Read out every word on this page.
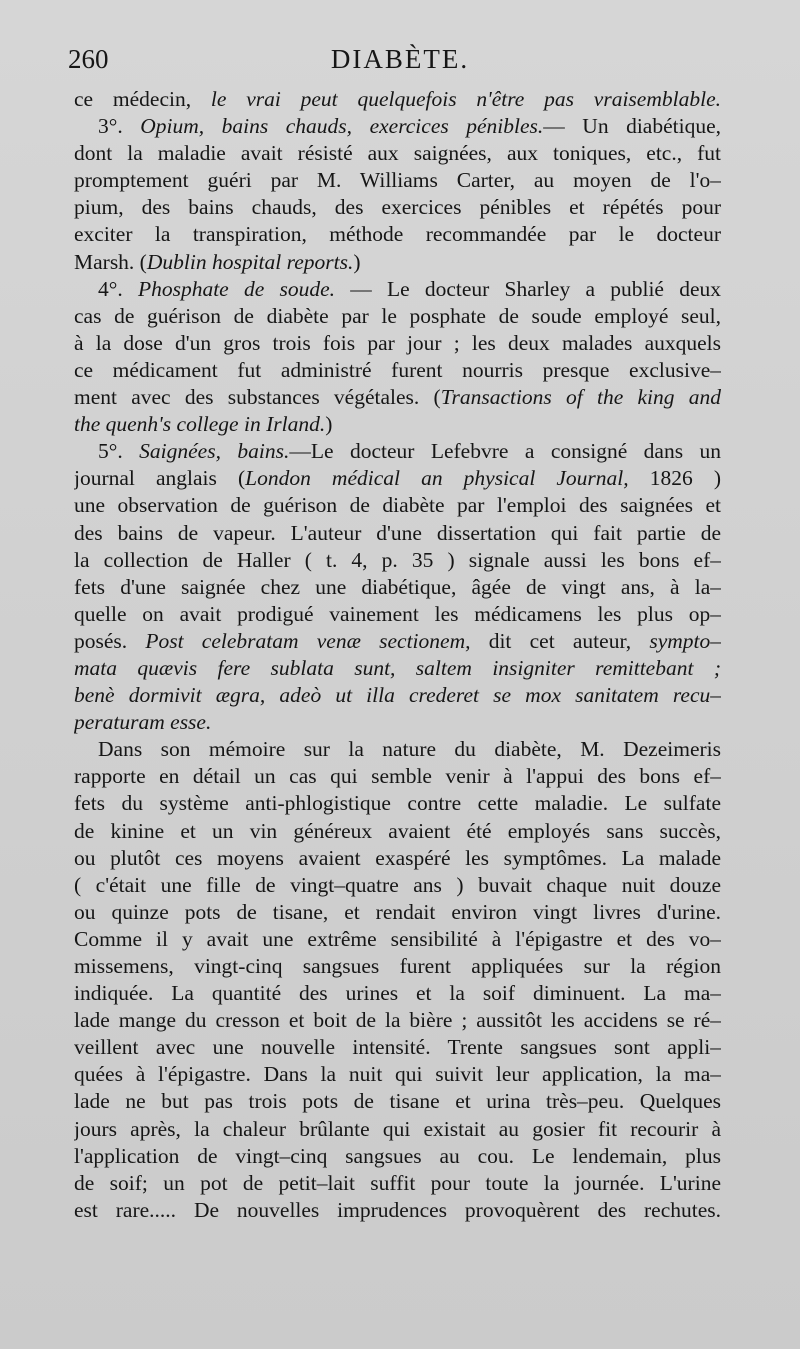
260	DIABÈTE.
ce médecin, le vrai peut quelquefois n'être pas vraisemblable.
3°. Opium, bains chauds, exercices pénibles.— Un diabétique,
dont la maladie avait résisté aux saignées, aux toniques, etc., fut
promptement guéri par M. Williams Carter, au moyen de l'o–
pium, des bains chauds, des exercices pénibles et répétés pour
exciter la transpiration, méthode recommandée par le docteur
Marsh. (Dublin hospital reports.)
4°. Phosphate de soude. — Le docteur Sharley a publié deux
cas de guérison de diabète par le posphate de soude employé seul,
à la dose d'un gros trois fois par jour ; les deux malades auxquels
ce médicament fut administré furent nourris presque exclusive–
ment avec des substances végétales. (Transactions of the king and
the quenh's college in Irland.)
5°. Saignées, bains.—Le docteur Lefebvre a consigné dans un
journal anglais (London médical an physical Journal, 1826 )
une observation de guérison de diabète par l'emploi des saignées et
des bains de vapeur. L'auteur d'une dissertation qui fait partie de
la collection de Haller ( t. 4, p. 35 ) signale aussi les bons ef–
fets d'une saignée chez une diabétique, âgée de vingt ans, à la–
quelle on avait prodigué vainement les médicamens les plus op–
posés. Post celebratam venæ sectionem, dit cet auteur, sympto–
mata quævis fere sublata sunt, saltem insigniter remittebant ;
benè dormivit ægra, adeò ut illa crederet se mox sanitatem recu–
peraturam esse.
Dans son mémoire sur la nature du diabète, M. Dezeimeris
rapporte en détail un cas qui semble venir à l'appui des bons ef–
fets du système anti-phlogistique contre cette maladie. Le sulfate
de kinine et un vin généreux avaient été employés sans succès,
ou plutôt ces moyens avaient exaspéré les symptômes. La malade
( c'était une fille de vingt–quatre ans ) buvait chaque nuit douze
ou quinze pots de tisane, et rendait environ vingt livres d'urine.
Comme il y avait une extrême sensibilité à l'épigastre et des vo–
missemens, vingt-cinq sangsues furent appliquées sur la région
indiquée. La quantité des urines et la soif diminuent. La ma–
lade mange du cresson et boit de la bière ; aussitôt les accidens se ré–
veillent avec une nouvelle intensité. Trente sangsues sont appli–
quées à l'épigastre. Dans la nuit qui suivit leur application, la ma–
lade ne but pas trois pots de tisane et urina très–peu. Quelques
jours après, la chaleur brûlante qui existait au gosier fit recourir à
l'application de vingt–cinq sangsues au cou. Le lendemain, plus
de soif; un pot de petit–lait suffit pour toute la journée. L'urine
est rare..... De nouvelles imprudences provoquèrent des rechutes.
